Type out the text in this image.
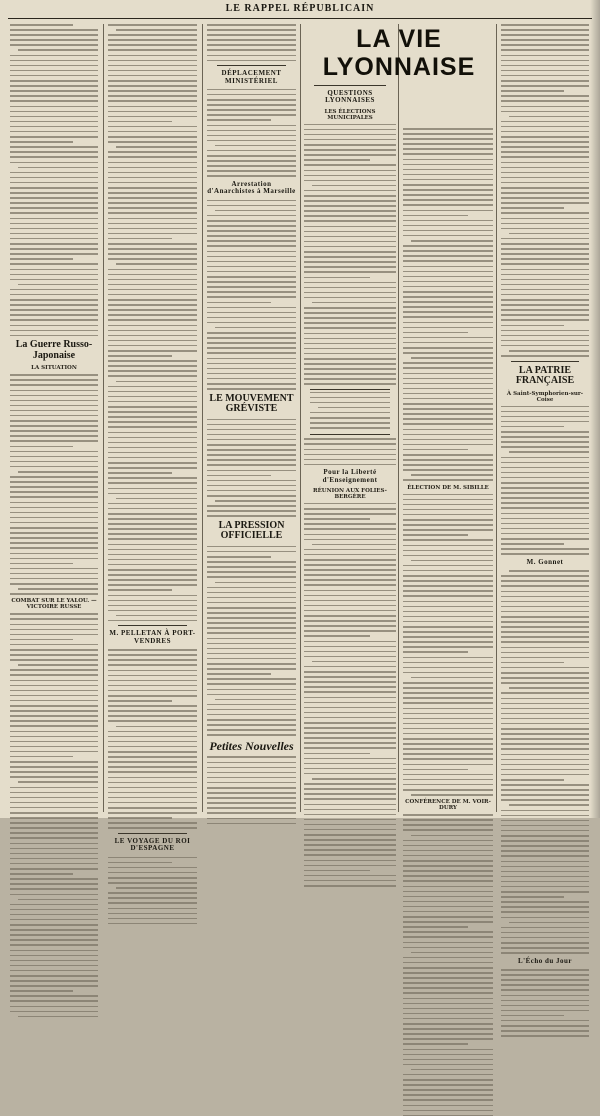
LE RAPPEL RÉPUBLICAIN
La Guerre Russo-Japonaise
LA SITUATION
COMBAT SUR LE YALOU. — VICTOIRE RUSSE
M. PELLETAN À PORT-VENDRES
LE VOYAGE DU ROI D'ESPAGNE
DÉPLACEMENT MINISTÉRIEL
Arrestation d'Anarchistes à Marseille
LE MOUVEMENT GRÉVISTE
LA PRESSION OFFICIELLE
Petites Nouvelles
LA VIE LYONNAISE
QUESTIONS LYONNAISES
LES ÉLECTIONS MUNICIPALES
Pour la Liberté d'Enseignement
RÉUNION AUX FOLIES-BERGÈRE
ÉLECTION DE M. SIBILLE
CONFÉRENCE DE M. VOIR-DURY
LA PATRIE FRANÇAISE
À Saint-Symphorien-sur-Coise
M. Gonnet
L'Écho du Jour
